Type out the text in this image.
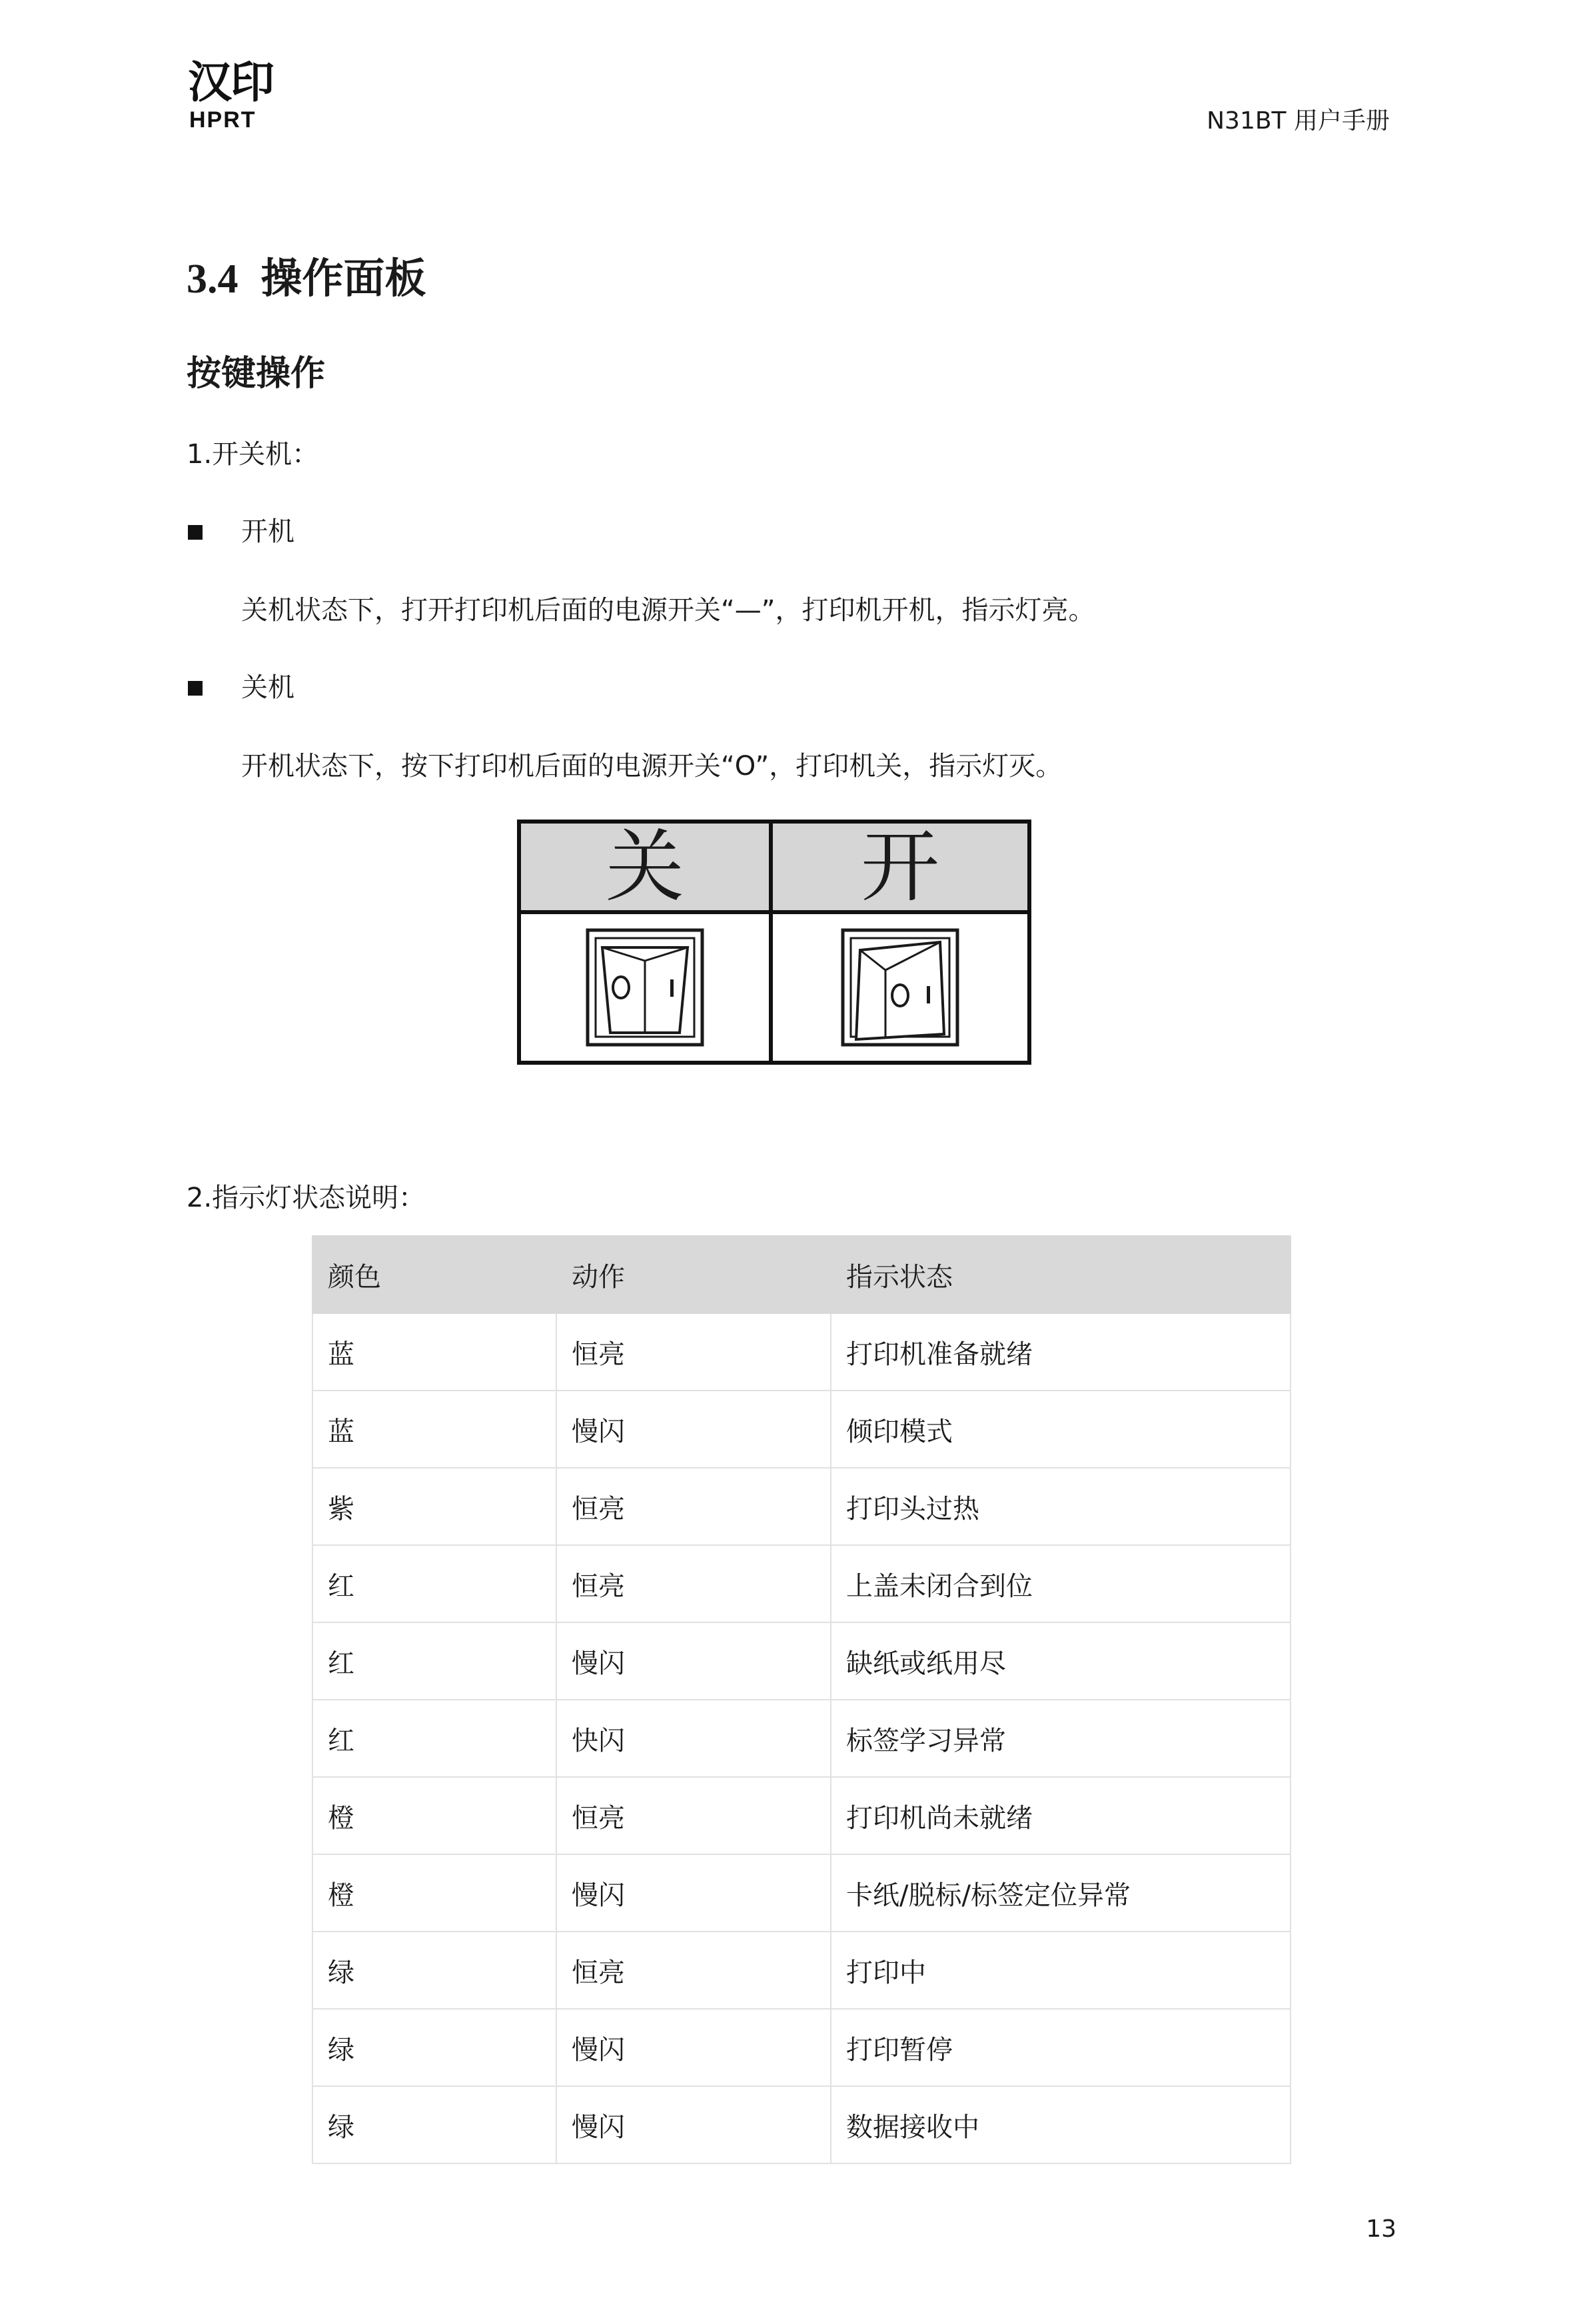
汉印
HPRT	N31BT 用户手册
3.4 操作面板
按键操作
1.开关机：
开机
关机状态下，打开打印机后面的电源开关“—”，打印机开机，指示灯亮。
关机
开机状态下，按下打印机后面的电源开关“O”，打印机关，指示灯灭。
关	开
2.指示灯状态说明：
颜色	动作	指示状态
蓝	恒亮	打印机准备就绪
蓝	慢闪	倾印模式
紫	恒亮	打印头过热
红	恒亮	上盖未闭合到位
红	慢闪	缺纸或纸用尽
红	快闪	标签学习异常
橙	恒亮	打印机尚未就绪
橙	慢闪	卡纸/脱标/标签定位异常
绿	恒亮	打印中
绿	慢闪	打印暂停
绿	慢闪	数据接收中
13
